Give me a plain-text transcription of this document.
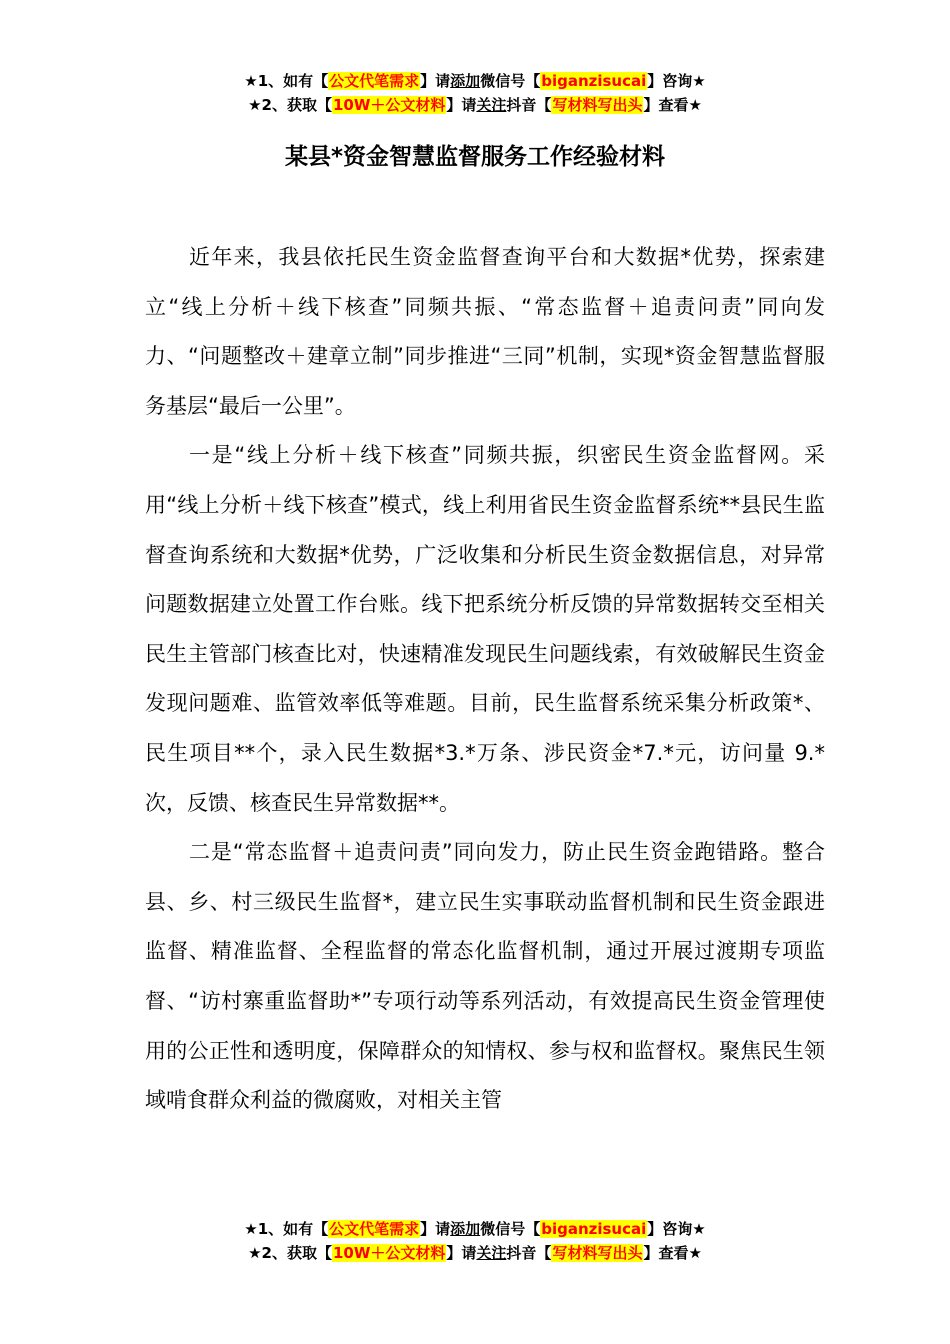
★1、如有【公文代笔需求】请添加微信号【biganzisucai】咨询★
★2、获取【10W＋公文材料】请关注抖音【写材料写出头】查看★
某县*资金智慧监督服务工作经验材料

近年来，我县依托民生资金监督查询平台和大数据*优势，探索建立“线上分析＋线下核查”同频共振、“常态监督＋追责问责”同向发力、“问题整改＋建章立制”同步推进“三同”机制，实现*资金智慧监督服务基层“最后一公里”。

一是“线上分析＋线下核查”同频共振，织密民生资金监督网。采用“线上分析＋线下核查”模式，线上利用省民生资金监督系统**县民生监督查询系统和大数据*优势，广泛收集和分析民生资金数据信息，对异常问题数据建立处置工作台账。线下把系统分析反馈的异常数据转交至相关民生主管部门核查比对，快速精准发现民生问题线索，有效破解民生资金发现问题难、监管效率低等难题。目前，民生监督系统采集分析政策*、民生项目**个，录入民生数据*3.*万条、涉民资金*7.*元，访问量 9.*次，反馈、核查民生异常数据**。

二是“常态监督＋追责问责”同向发力，防止民生资金跑错路。整合县、乡、村三级民生监督*，建立民生实事联动监督机制和民生资金跟进监督、精准监督、全程监督的常态化监督机制，通过开展过渡期专项监督、“访村寨重监督助*”专项行动等系列活动，有效提高民生资金管理使用的公正性和透明度，保障群众的知情权、参与权和监督权。聚焦民生领域啃食群众利益的微腐败，对相关主管

★1、如有【公文代笔需求】请添加微信号【biganzisucai】咨询★
★2、获取【10W＋公文材料】请关注抖音【写材料写出头】查看★
